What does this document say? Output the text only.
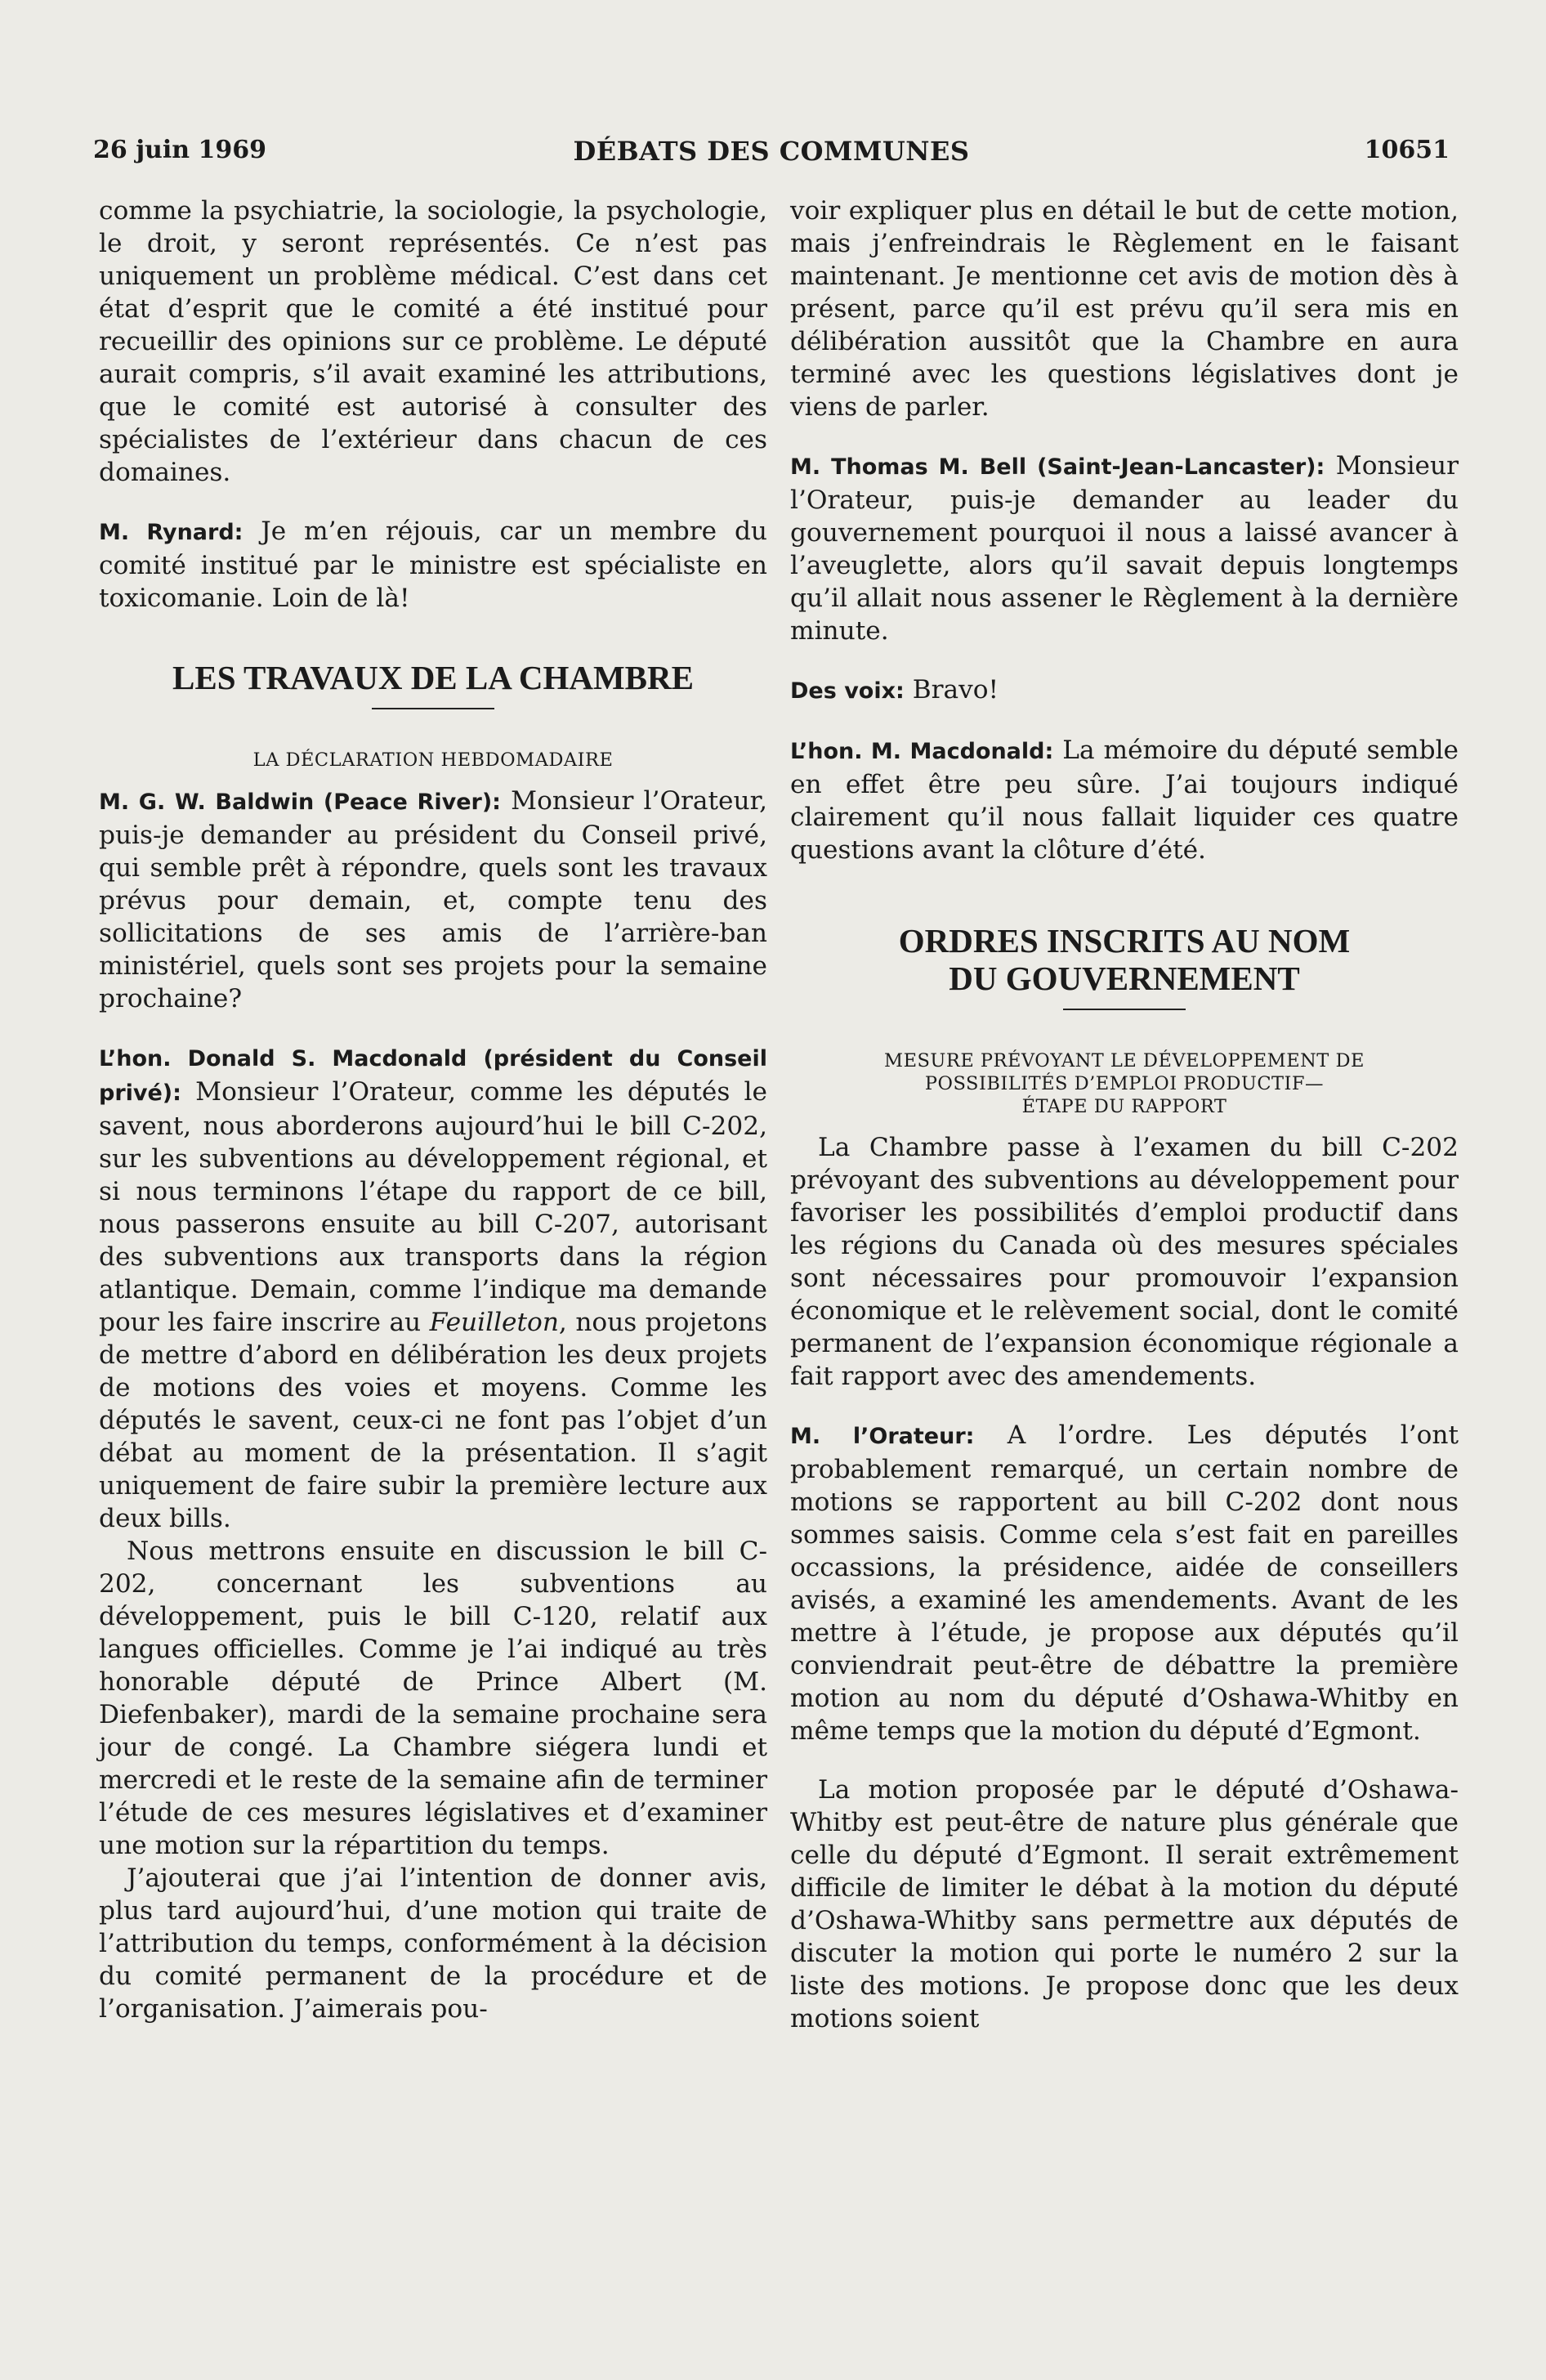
26 juin 1969	DÉBATS DES COMMUNES	10651

comme la psychiatrie, la sociologie, la psychologie, le droit, y seront représentés. Ce n’est pas uniquement un problème médical. C’est dans cet état d’esprit que le comité a été institué pour recueillir des opinions sur ce problème. Le député aurait compris, s’il avait examiné les attributions, que le comité est autorisé à consulter des spécialistes de l’extérieur dans chacun de ces domaines.

M. Rynard: Je m’en réjouis, car un membre du comité institué par le ministre est spécialiste en toxicomanie. Loin de là!

LES TRAVAUX DE LA CHAMBRE
LA DÉCLARATION HEBDOMADAIRE

M. G. W. Baldwin (Peace River): Monsieur l’Orateur, puis-je demander au président du Conseil privé, qui semble prêt à répondre, quels sont les travaux prévus pour demain, et, compte tenu des sollicitations de ses amis de l’arrière-ban ministériel, quels sont ses projets pour la semaine prochaine?

L’hon. Donald S. Macdonald (président du Conseil privé): Monsieur l’Orateur, comme les députés le savent, nous aborderons aujourd’hui le bill C-202, sur les subventions au développement régional, et si nous terminons l’étape du rapport de ce bill, nous passerons ensuite au bill C-207, autorisant des subventions aux transports dans la région atlantique. Demain, comme l’indique ma demande pour les faire inscrire au Feuilleton, nous projetons de mettre d’abord en délibération les deux projets de motions des voies et moyens. Comme les députés le savent, ceux-ci ne font pas l’objet d’un débat au moment de la présentation. Il s’agit uniquement de faire subir la première lecture aux deux bills.

Nous mettrons ensuite en discussion le bill C-202, concernant les subventions au développement, puis le bill C-120, relatif aux langues officielles. Comme je l’ai indiqué au très honorable député de Prince Albert (M. Diefenbaker), mardi de la semaine prochaine sera jour de congé. La Chambre siégera lundi et mercredi et le reste de la semaine afin de terminer l’étude de ces mesures législatives et d’examiner une motion sur la répartition du temps.

J’ajouterai que j’ai l’intention de donner avis, plus tard aujourd’hui, d’une motion qui traite de l’attribution du temps, conformément à la décision du comité permanent de la procédure et de l’organisation. J’aimerais pou-

voir expliquer plus en détail le but de cette motion, mais j’enfreindrais le Règlement en le faisant maintenant. Je mentionne cet avis de motion dès à présent, parce qu’il est prévu qu’il sera mis en délibération aussitôt que la Chambre en aura terminé avec les questions législatives dont je viens de parler.

M. Thomas M. Bell (Saint-Jean-Lancaster): Monsieur l’Orateur, puis-je demander au leader du gouvernement pourquoi il nous a laissé avancer à l’aveuglette, alors qu’il savait depuis longtemps qu’il allait nous assener le Règlement à la dernière minute.

Des voix: Bravo!

L’hon. M. Macdonald: La mémoire du député semble en effet être peu sûre. J’ai toujours indiqué clairement qu’il nous fallait liquider ces quatre questions avant la clôture d’été.

ORDRES INSCRITS AU NOM
DU GOUVERNEMENT
MESURE PRÉVOYANT LE DÉVELOPPEMENT DE
POSSIBILITÉS D’EMPLOI PRODUCTIF—
ÉTAPE DU RAPPORT

La Chambre passe à l’examen du bill C-202 prévoyant des subventions au développement pour favoriser les possibilités d’emploi productif dans les régions du Canada où des mesures spéciales sont nécessaires pour promouvoir l’expansion économique et le relèvement social, dont le comité permanent de l’expansion économique régionale a fait rapport avec des amendements.

M. l’Orateur: A l’ordre. Les députés l’ont probablement remarqué, un certain nombre de motions se rapportent au bill C-202 dont nous sommes saisis. Comme cela s’est fait en pareilles occassions, la présidence, aidée de conseillers avisés, a examiné les amendements. Avant de les mettre à l’étude, je propose aux députés qu’il conviendrait peut-être de débattre la première motion au nom du député d’Oshawa-Whitby en même temps que la motion du député d’Egmont.

La motion proposée par le député d’Oshawa-Whitby est peut-être de nature plus générale que celle du député d’Egmont. Il serait extrêmement difficile de limiter le débat à la motion du député d’Oshawa-Whitby sans permettre aux députés de discuter la motion qui porte le numéro 2 sur la liste des motions. Je propose donc que les deux motions soient
